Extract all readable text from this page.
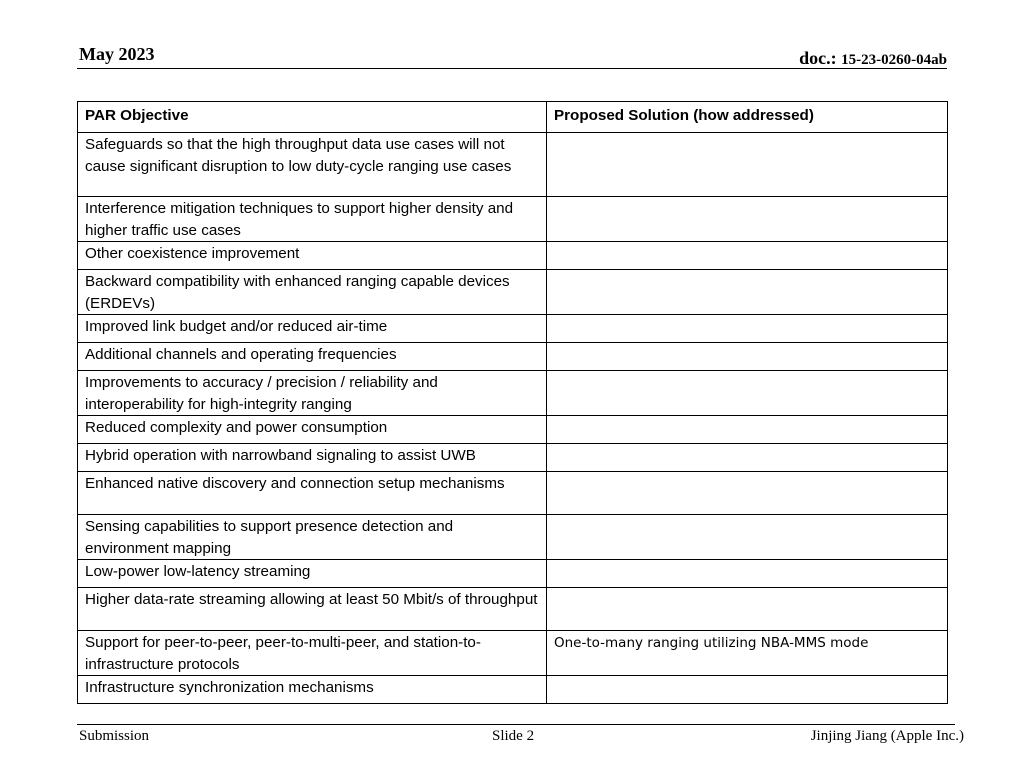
May 2023	doc.: 15-23-0260-04ab
PAR Objective	Proposed Solution (how addressed)
Safeguards so that the high throughput data use cases will not cause significant disruption to low duty-cycle ranging use cases	
Interference mitigation techniques to support higher density and higher traffic use cases	
Other coexistence improvement	
Backward compatibility with enhanced ranging capable devices (ERDEVs)	
Improved link budget and/or reduced air-time	
Additional channels and operating frequencies	
Improvements to accuracy / precision / reliability and interoperability for high-integrity ranging	
Reduced complexity and power consumption	
Hybrid operation with narrowband signaling to assist UWB	
Enhanced native discovery and connection setup mechanisms	
Sensing capabilities to support presence detection and environment mapping	
Low-power low-latency streaming	
Higher data-rate streaming allowing at least 50 Mbit/s of throughput	
Support for peer-to-peer, peer-to-multi-peer, and station-to-infrastructure protocols	One-to-many ranging utilizing NBA-MMS mode
Infrastructure synchronization mechanisms	
Submission	Slide 2	Jinjing Jiang (Apple Inc.)
